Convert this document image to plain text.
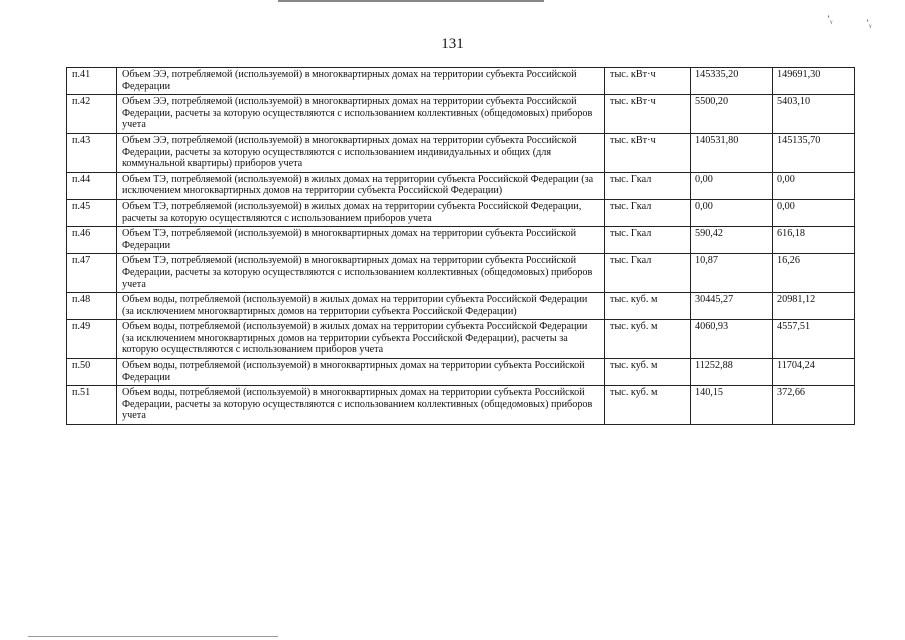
ʼᵧ	ʼᵧ
131
п.41	Объем ЭЭ, потребляемой (используемой) в многоквартирных домах на территории субъекта Российской Федерации	тыс. кВт·ч	145335,20	149691,30
п.42	Объем ЭЭ, потребляемой (используемой) в многоквартирных домах на территории субъекта Российской Федерации, расчеты за которую осуществляются с использованием коллективных (общедомовых) приборов учета	тыс. кВт·ч	5500,20	5403,10
п.43	Объем ЭЭ, потребляемой (используемой) в многоквартирных домах на территории субъекта Российской Федерации, расчеты за которую осуществляются с использованием индивидуальных и общих (для коммунальной квартиры) приборов учета	тыс. кВт·ч	140531,80	145135,70
п.44	Объем ТЭ, потребляемой (используемой) в жилых домах на территории субъекта Российской Федерации (за исключением многоквартирных домов на территории субъекта Российской Федерации)	тыс. Гкал	0,00	0,00
п.45	Объем ТЭ, потребляемой (используемой) в жилых домах на территории субъекта Российской Федерации, расчеты за которую осуществляются с использованием приборов учета	тыс. Гкал	0,00	0,00
п.46	Объем ТЭ, потребляемой (используемой) в многоквартирных домах на территории субъекта Российской Федерации	тыс. Гкал	590,42	616,18
п.47	Объем ТЭ, потребляемой (используемой) в многоквартирных домах на территории субъекта Российской Федерации, расчеты за которую осуществляются с использованием коллективных (общедомовых) приборов учета	тыс. Гкал	10,87	16,26
п.48	Объем воды, потребляемой (используемой) в жилых домах на территории субъекта Российской Федерации (за исключением многоквартирных домов на территории субъекта Российской Федерации)	тыс. куб. м	30445,27	20981,12
п.49	Объем воды, потребляемой (используемой) в жилых домах на территории субъекта Российской Федерации (за исключением многоквартирных домов на территории субъекта Российской Федерации), расчеты за которую осуществляются с использованием приборов учета	тыс. куб. м	4060,93	4557,51
п.50	Объем воды, потребляемой (используемой) в многоквартирных домах на территории субъекта Российской Федерации	тыс. куб. м	11252,88	11704,24
п.51	Объем воды, потребляемой (используемой) в многоквартирных домах на территории субъекта Российской Федерации, расчеты за которую осуществляются с использованием коллективных (общедомовых) приборов учета	тыс. куб. м	140,15	372,66
